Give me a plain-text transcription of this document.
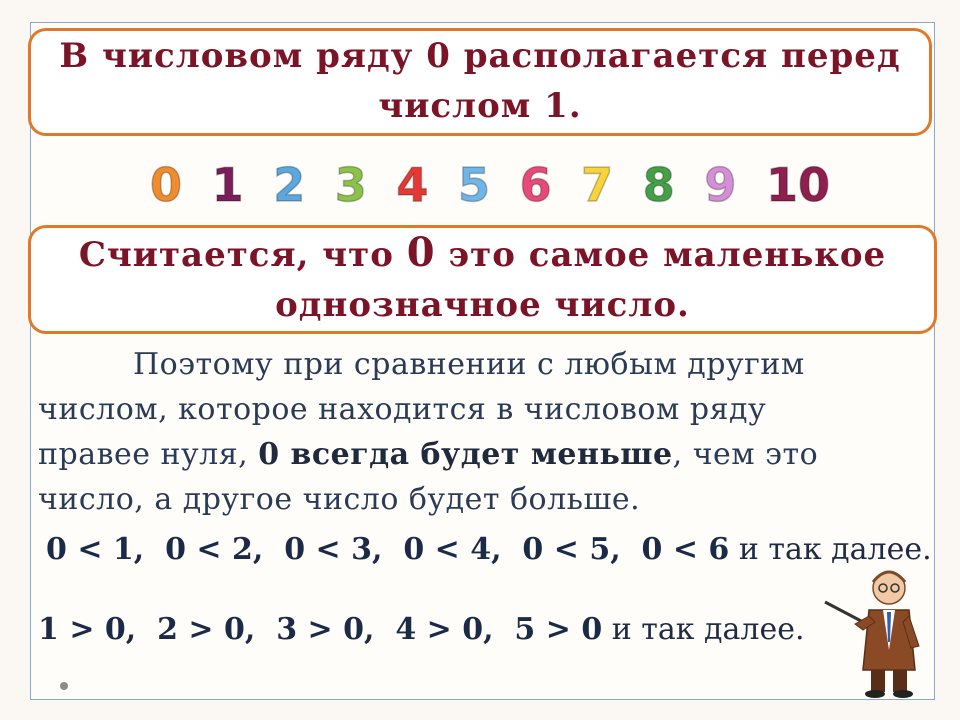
В числовом ряду 0 располагается перед
числом 1.
0 1 2 3 4 5 6 7 8 9 10
Считается, что 0 это самое маленькое
однозначное число.
Поэтому при сравнении с любым другим
числом, которое находится в числовом ряду
правее нуля, 0 всегда будет меньше, чем это
число, а другое число будет больше.
0 < 1,  0 < 2,  0 < 3,  0 < 4,  0 < 5,  0 < 6 и так далее.
1 > 0,  2 > 0,  3 > 0,  4 > 0,  5 > 0 и так далее.
